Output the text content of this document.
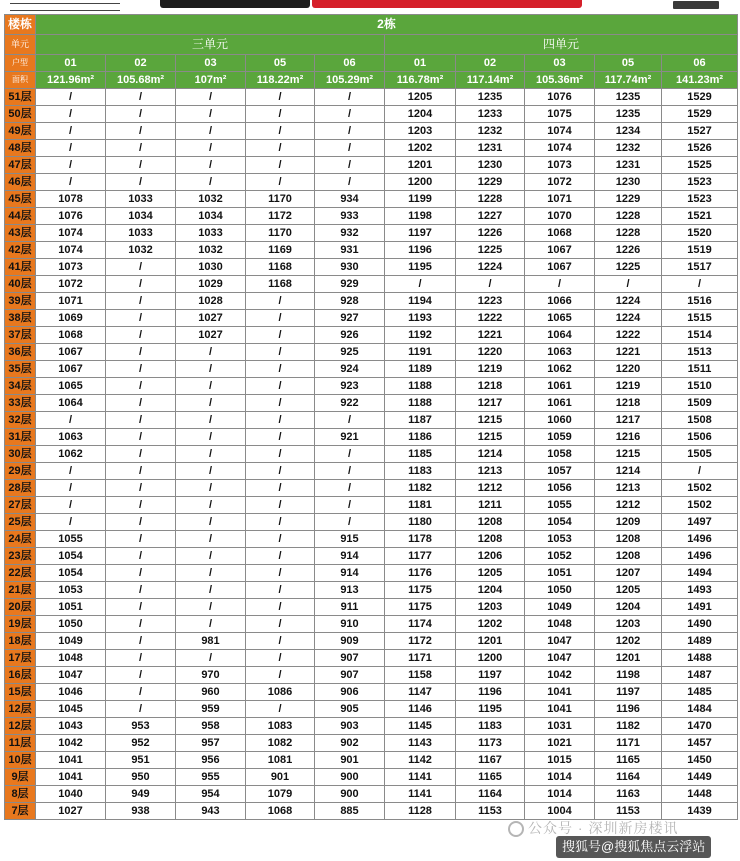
楼栋	2栋									
单元	三单元					四单元				
户型	01	02	03	05	06	01	02	03	05	06
面积	121.96m²	105.68m²	107m²	118.22m²	105.29m²	116.78m²	117.14m²	105.36m²	117.74m²	141.23m²
51层	/	/	/	/	/	1205	1235	1076	1235	1529
50层	/	/	/	/	/	1204	1233	1075	1235	1529
49层	/	/	/	/	/	1203	1232	1074	1234	1527
48层	/	/	/	/	/	1202	1231	1074	1232	1526
47层	/	/	/	/	/	1201	1230	1073	1231	1525
46层	/	/	/	/	/	1200	1229	1072	1230	1523
45层	1078	1033	1032	1170	934	1199	1228	1071	1229	1523
44层	1076	1034	1034	1172	933	1198	1227	1070	1228	1521
43层	1074	1033	1033	1170	932	1197	1226	1068	1228	1520
42层	1074	1032	1032	1169	931	1196	1225	1067	1226	1519
41层	1073	/	1030	1168	930	1195	1224	1067	1225	1517
40层	1072	/	1029	1168	929	/	/	/	/	/
39层	1071	/	1028	/	928	1194	1223	1066	1224	1516
38层	1069	/	1027	/	927	1193	1222	1065	1224	1515
37层	1068	/	1027	/	926	1192	1221	1064	1222	1514
36层	1067	/	/	/	925	1191	1220	1063	1221	1513
35层	1067	/	/	/	924	1189	1219	1062	1220	1511
34层	1065	/	/	/	923	1188	1218	1061	1219	1510
33层	1064	/	/	/	922	1188	1217	1061	1218	1509
32层	/	/	/	/	/	1187	1215	1060	1217	1508
31层	1063	/	/	/	921	1186	1215	1059	1216	1506
30层	1062	/	/	/	/	1185	1214	1058	1215	1505
29层	/	/	/	/	/	1183	1213	1057	1214	/
28层	/	/	/	/	/	1182	1212	1056	1213	1502
27层	/	/	/	/	/	1181	1211	1055	1212	1502
25层	/	/	/	/	/	1180	1208	1054	1209	1497
24层	1055	/	/	/	915	1178	1208	1053	1208	1496
23层	1054	/	/	/	914	1177	1206	1052	1208	1496
22层	1054	/	/	/	914	1176	1205	1051	1207	1494
21层	1053	/	/	/	913	1175	1204	1050	1205	1493
20层	1051	/	/	/	911	1175	1203	1049	1204	1491
19层	1050	/	/	/	910	1174	1202	1048	1203	1490
18层	1049	/	981	/	909	1172	1201	1047	1202	1489
17层	1048	/	/	/	907	1171	1200	1047	1201	1488
16层	1047	/	970	/	907	1158	1197	1042	1198	1487
15层	1046	/	960	1086	906	1147	1196	1041	1197	1485
12层	1045	/	959	/	905	1146	1195	1041	1196	1484
12层	1043	953	958	1083	903	1145	1183	1031	1182	1470
11层	1042	952	957	1082	902	1143	1173	1021	1171	1457
10层	1041	951	956	1081	901	1142	1167	1015	1165	1450
9层	1041	950	955	901	900	1141	1165	1014	1164	1449
8层	1040	949	954	1079	900	1141	1164	1014	1163	1448
7层	1027	938	943	1068	885	1128	1153	1004	1153	1439
公众号 · 深圳新房楼讯
搜狐号@搜狐焦点云浮站
